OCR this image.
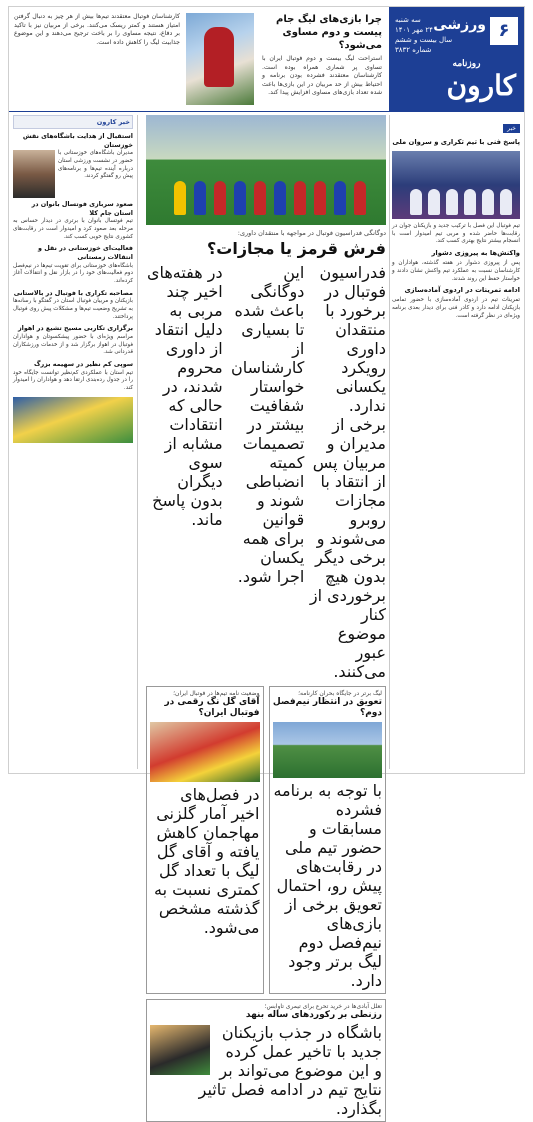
۶
ورزشی
سه شنبه
۲۴ مهر ۱۴۰۱
سال بیست و ششم
شماره ۳۸۳۲
روزنامه
کارون
چرا بازی‌های لیگ جام پیست و دوم مساوی می‌شود؟

استراحت لیگ بیست و دوم فوتبال ایران با تساوی پر شماری همراه بوده است. کارشناسان معتقدند فشرده بودن برنامه و احتیاط بیش از حد مربیان در این بازی‌ها باعث شده تعداد بازی‌های مساوی افزایش پیدا کند.

کارشناسان فوتبال معتقدند تیم‌ها بیش از هر چیز به دنبال گرفتن امتیاز هستند و کمتر ریسک می‌کنند. برخی از مربیان نیز با تاکید بر دفاع، نتیجه مساوی را بر باخت ترجیح می‌دهند و این موضوع جذابیت لیگ را کاهش داده است.

خبر
پاسخ فنی با تیم تکراری و سروان ملی

تیم فوتبال این فصل با ترکیب جدید و بازیکنان جوان در رقابت‌ها حاضر شده و مربی تیم امیدوار است با انسجام بیشتر نتایج بهتری کسب کند.

واکنش‌ها به پیروزی دشوار

پس از پیروزی دشوار در هفته گذشته، هواداران و کارشناسان نسبت به عملکرد تیم واکنش نشان دادند و خواستار حفظ این روند شدند.

ادامه تمرینات در اردوی آماده‌سازی

تمرینات تیم در اردوی آماده‌سازی با حضور تمامی بازیکنان ادامه دارد و کادر فنی برای دیدار بعدی برنامه ویژه‌ای در نظر گرفته است.

دوگانگی فدراسیون فوتبال در مواجهه با منتقدان داوری:
فرش قرمز یا مجازات؟

فدراسیون فوتبال در برخورد با منتقدان داوری رویکرد یکسانی ندارد. برخی از مدیران و مربیان پس از انتقاد با مجازات روبرو می‌شوند و برخی دیگر بدون هیچ برخوردی از کنار موضوع عبور می‌کنند.

این دوگانگی باعث شده تا بسیاری از کارشناسان خواستار شفافیت بیشتر در تصمیمات کمیته انضباطی شوند و قوانین برای همه یکسان اجرا شود.

در هفته‌های اخیر چند مربی به دلیل انتقاد از داوری محروم شدند، در حالی که انتقادات مشابه از سوی دیگران بدون پاسخ ماند.

لیگ برتر در جایگاه بحران کارنامه؛
تعویق در انتظار نیم‌فصل دوم؟

با توجه به برنامه فشرده مسابقات و حضور تیم ملی در رقابت‌های پیش رو، احتمال تعویق برخی از بازی‌های نیم‌فصل دوم لیگ برتر وجود دارد.

وضعیت نامه تیم‌ها در فوتبال ایران؛
آقای گل نگ رقمی در فوتبال ایران؟

در فصل‌های اخیر آمار گلزنی مهاجمان کاهش یافته و آقای گل لیگ با تعداد گل کمتری نسبت به گذشته مشخص می‌شود.

تعلل آبادی‌ها در خرید تحرع برای تیمری تاوابس؛
رزنطی بر رکوردهای ساله‌ بنهد

باشگاه در جذب بازیکنان جدید با تاخیر عمل کرده و این موضوع می‌تواند بر نتایج تیم در ادامه فصل تاثیر بگذارد.

خبر کارون
استقبال از هدایت باشگاه‌های نقش خوزستان

مدیران باشگاه‌های خوزستانی با حضور در نشست ورزشی استان درباره آینده تیم‌ها و برنامه‌های پیش رو گفتگو کردند.

صعود سربازی فوتسال بانوان در استان جام کلا

تیم فوتسال بانوان با برتری در دیدار حساس به مرحله بعد صعود کرد و امیدوار است در رقابت‌های کشوری نتایج خوبی کسب کند.

فعالیت‌ای خوزستانی در نقل و انتقالات زمستانی

باشگاه‌های خوزستانی برای تقویت تیم‌ها در نیم‌فصل دوم فعالیت‌های خود را در بازار نقل و انتقالات آغاز کرده‌اند.

مصاحبه تکراری با فوتبال در بالاستانی

بازیکنان و مربیان فوتبال استان در گفتگو با رسانه‌ها به تشریح وضعیت تیم‌ها و مشکلات پیش روی فوتبال پرداختند.

برگزاری تکاربی مسیح تشیع در اهواز

مراسم ویژه‌ای با حضور پیشکسوتان و هواداران فوتبال در اهواز برگزار شد و از خدمات ورزشکاران قدردانی شد.

سوپی کم نظیر در سهیمه بزرگ

تیم استان با عملکردی کم‌نظیر توانست جایگاه خود را در جدول رده‌بندی ارتقا دهد و هواداران را امیدوار کند.
